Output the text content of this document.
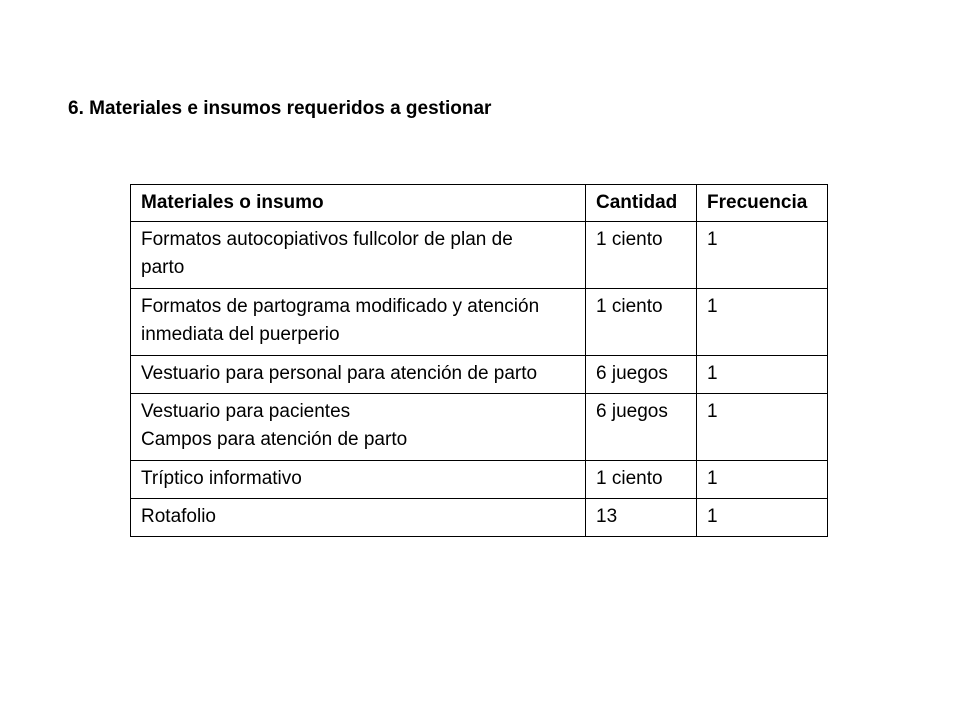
6. Materiales e insumos requeridos a gestionar
Materiales o insumo	Cantidad	Frecuencia
Formatos autocopiativos fullcolor de plan de
parto	1 ciento	1
Formatos de partograma modificado y atención
inmediata del puerperio	1 ciento	1
Vestuario para personal para atención de parto	6 juegos	1
Vestuario para pacientes
Campos para atención de parto	6 juegos	1
Tríptico informativo	1 ciento	1
Rotafolio	13	1
